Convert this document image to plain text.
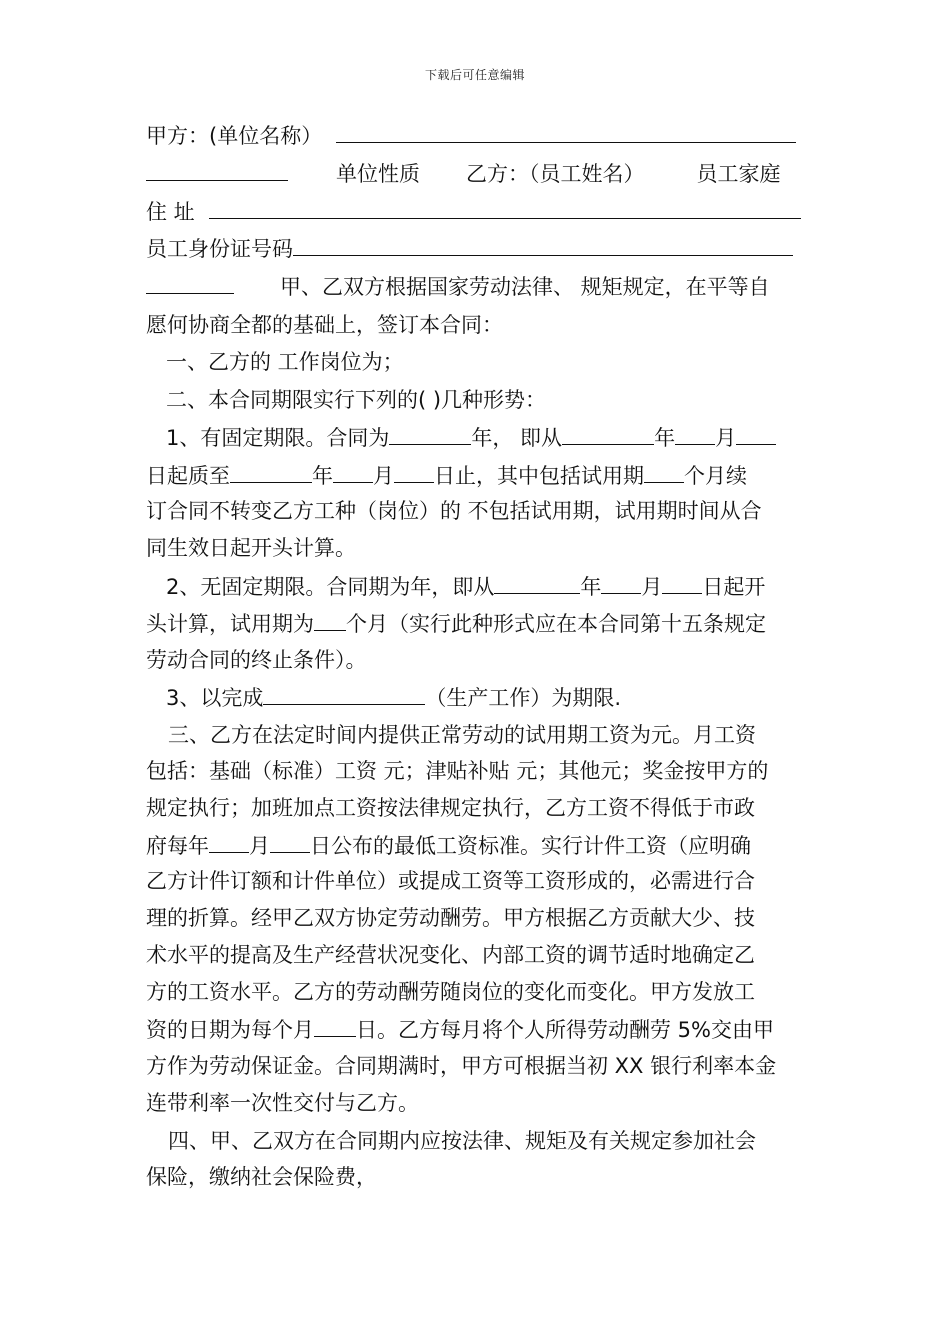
下载后可任意编辑
甲方：(单位名称）
单位性质 乙方：（员工姓名） 员工家庭
住 址
员工身份证号码
甲、乙双方根据国家劳动法律、 规矩规定，在平等自
愿何协商全都的基础上，签订本合同：
一、乙方的 工作岗位为；
二、本合同期限实行下列的( )几种形势：
1、有固定期限。合同为	年， 即从	年 月
日起质至	年 月 日止，其中包括试用期 个月续
订合同不转变乙方工种（岗位）的 不包括试用期，试用期时间从合
同生效日起开头计算。
2、无固定期限。合同期为年，即从	年 月 日起开
头计算，试用期为 个月（实行此种形式应在本合同第十五条规定
劳动合同的终止条件）。
3、以完成	（生产工作）为期限.
三、乙方在法定时间内提供正常劳动的试用期工资为元。月工资
包括：基础（标准）工资 元；津贴补贴 元；其他元；奖金按甲方的
规定执行；加班加点工资按法律规定执行，乙方工资不得低于市政
府每年 月 日公布的最低工资标准。实行计件工资（应明确
乙方计件订额和计件单位）或提成工资等工资形成的，必需进行合
理的折算。经甲乙双方协定劳动酬劳。甲方根据乙方贡献大少、技
术水平的提高及生产经营状况变化、内部工资的调节适时地确定乙
方的工资水平。乙方的劳动酬劳随岗位的变化而变化。甲方发放工
资的日期为每个月 日。乙方每月将个人所得劳动酬劳 5%交由甲
方作为劳动保证金。合同期满时，甲方可根据当初 XX 银行利率本金
连带利率一次性交付与乙方。
四、甲、乙双方在合同期内应按法律、规矩及有关规定参加社会
保险，缴纳社会保险费，
